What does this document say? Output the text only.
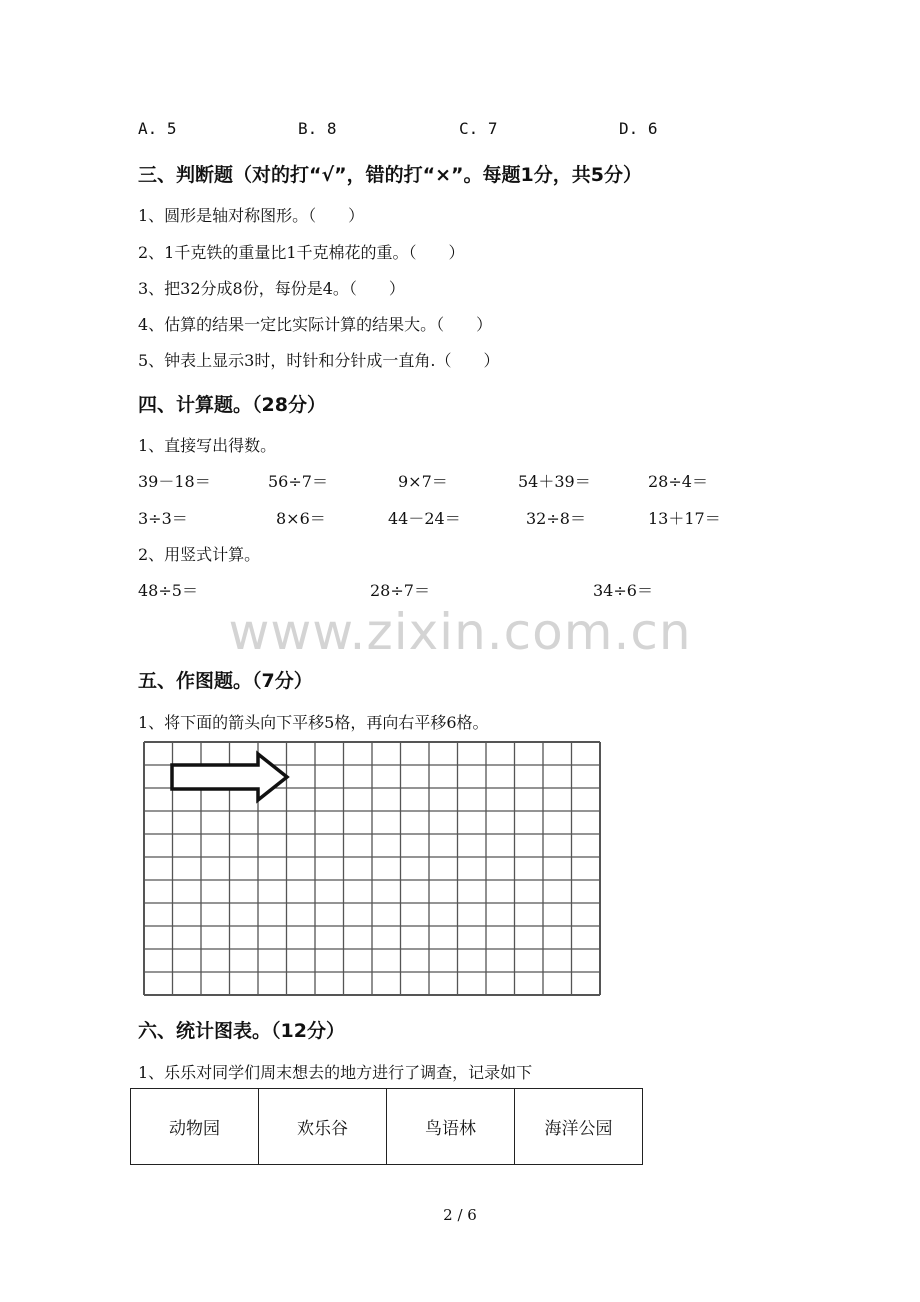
A. 5	B. 8	C. 7	D. 6
三、判断题（对的打“√”，错的打“×”。每题1分，共5分）
1、圆形是轴对称图形。（　　）
2、1千克铁的重量比1千克棉花的重。（　　）
3、把32分成8份，每份是4。（　　）
4、估算的结果一定比实际计算的结果大。（　　）
5、钟表上显示3时，时针和分针成一直角.（　　）
四、计算题。（28分）
1、直接写出得数。
39－18＝	56÷7＝	9×7＝	54＋39＝	28÷4＝
3÷3＝	8×6＝	44－24＝	32÷8＝	13＋17＝
2、用竖式计算。
48÷5＝	28÷7＝	34÷6＝
www.zixin.com.cn
五、作图题。（7分）
1、将下面的箭头向下平移5格，再向右平移6格。
六、统计图表。（12分）
1、乐乐对同学们周末想去的地方进行了调查，记录如下
动物园	欢乐谷	鸟语林	海洋公园
2 / 6
